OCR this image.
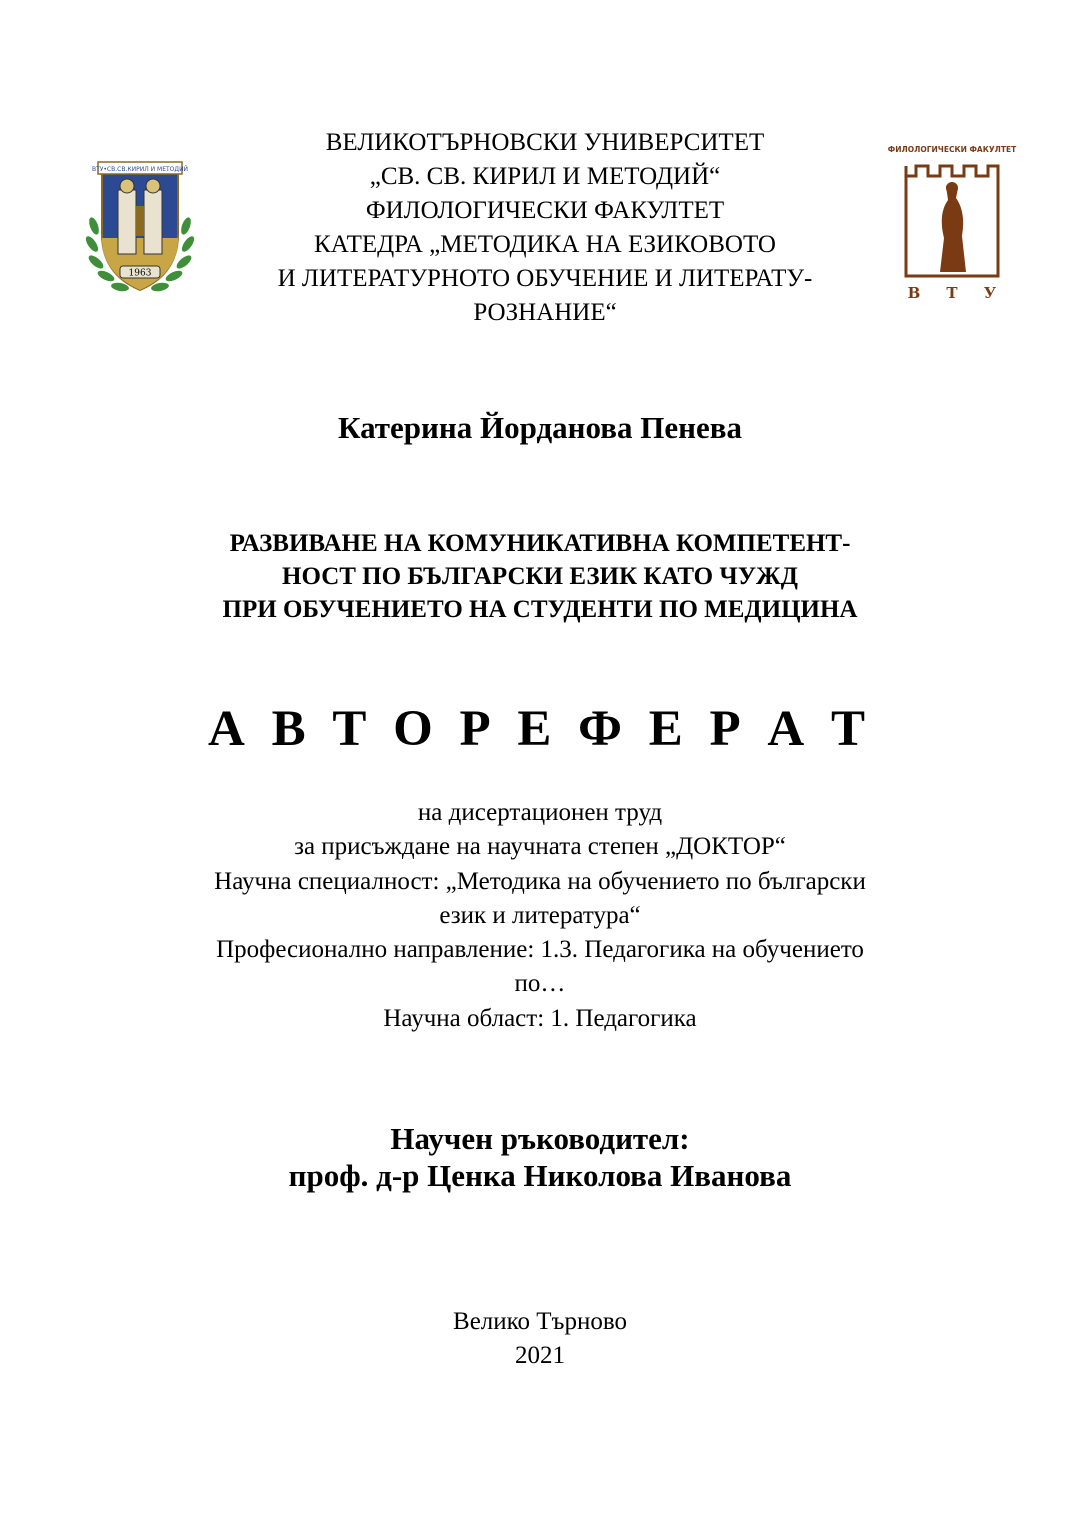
ВТУ•СВ.СВ.КИРИЛ И МЕТОДИЙ
1963
ВЕЛИКОТЪРНОВСКИ УНИВЕРСИТЕТ
„СВ. СВ. КИРИЛ И МЕТОДИЙ“
ФИЛОЛОГИЧЕСКИ ФАКУЛТЕТ
КАТЕДРА „МЕТОДИКА НА ЕЗИКОВОТО
И ЛИТЕРАТУРНОТО ОБУЧЕНИЕ И ЛИТЕРАТУ-
РОЗНАНИЕ“
ФИЛОЛОГИЧЕСКИ ФАКУЛТЕТ
В Т У
Катерина Йорданова Пенева
РАЗВИВАНЕ НА КОМУНИКАТИВНА КОМПЕТЕНТ-
НОСТ ПО БЪЛГАРСКИ ЕЗИК КАТО ЧУЖД
ПРИ ОБУЧЕНИЕТО НА СТУДЕНТИ ПО МЕДИЦИНА
А В Т О Р Е Ф Е Р А Т
на дисертационен труд
за присъждане на научната степен „ДОКТОР“
Научна специалност: „Методика на обучението по български
език и литература“
Професионално направление: 1.3. Педагогика на обучението
по…
Научна област: 1. Педагогика
Научен ръководител:
проф. д-р Ценка Николова Иванова
Велико Търново
2021
